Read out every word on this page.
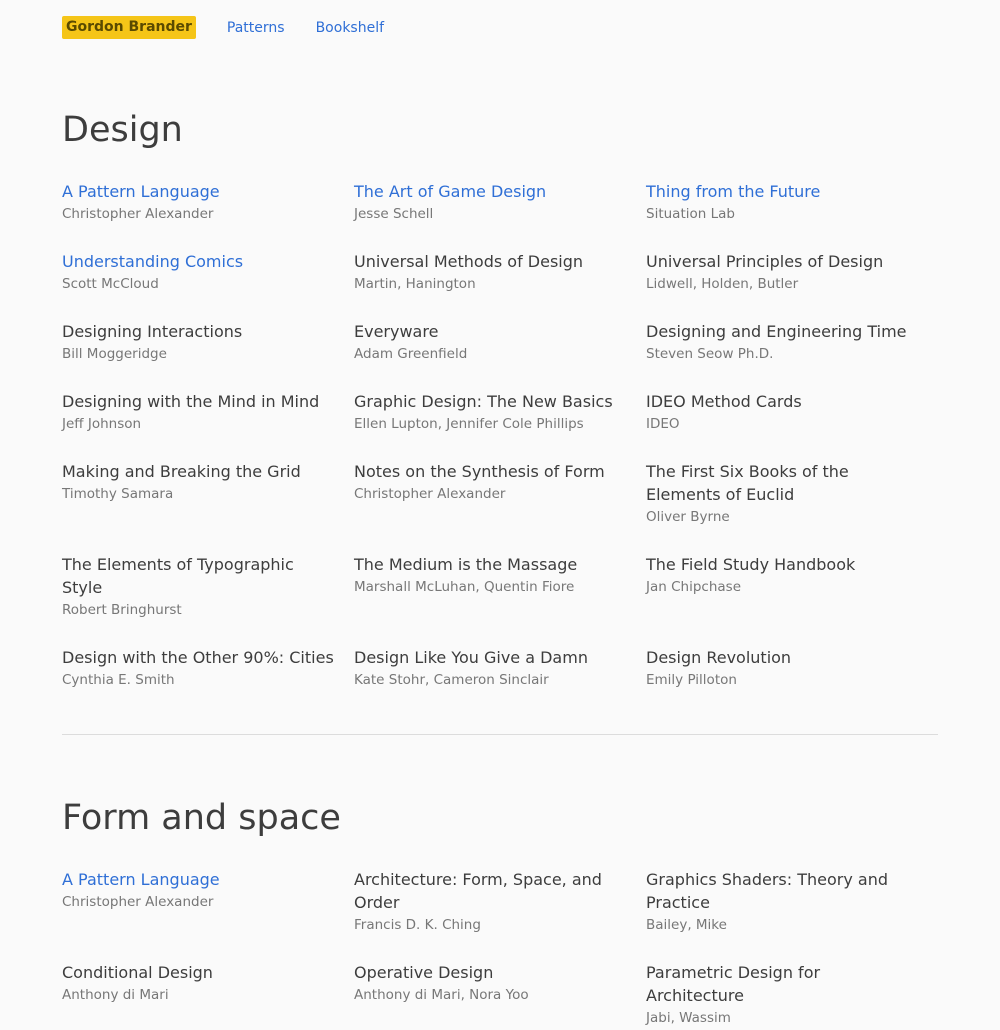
Gordon Brander	Patterns Bookshelf
Design
A Pattern Language
Christopher Alexander
The Art of Game Design
Jesse Schell
Thing from the Future
Situation Lab
Understanding Comics
Scott McCloud
Universal Methods of Design
Martin, Hanington
Universal Principles of Design
Lidwell, Holden, Butler
Designing Interactions
Bill Moggeridge
Everyware
Adam Greenfield
Designing and Engineering Time
Steven Seow Ph.D.
Designing with the Mind in Mind
Jeff Johnson
Graphic Design: The New Basics
Ellen Lupton, Jennifer Cole Phillips
IDEO Method Cards
IDEO
Making and Breaking the Grid
Timothy Samara
Notes on the Synthesis of Form
Christopher Alexander
The First Six Books of the Elements of Euclid
Oliver Byrne
The Elements of Typographic Style
Robert Bringhurst
The Medium is the Massage
Marshall McLuhan, Quentin Fiore
The Field Study Handbook
Jan Chipchase
Design with the Other 90%: Cities
Cynthia E. Smith
Design Like You Give a Damn
Kate Stohr, Cameron Sinclair
Design Revolution
Emily Pilloton
Form and space
A Pattern Language
Christopher Alexander
Architecture: Form, Space, and Order
Francis D. K. Ching
Graphics Shaders: Theory and Practice
Bailey, Mike
Conditional Design
Anthony di Mari
Operative Design
Anthony di Mari, Nora Yoo
Parametric Design for Architecture
Jabi, Wassim
